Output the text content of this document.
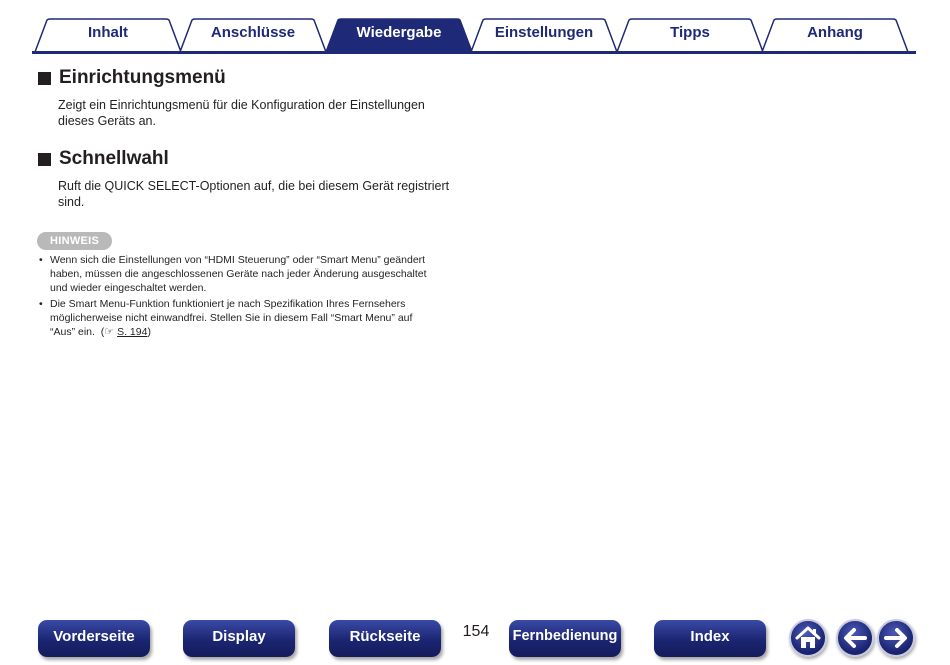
Inhalt	Anschlüsse	Wiedergabe	Einstellungen	Tipps	Anhang
Einrichtungsmenü
Zeigt ein Einrichtungsmenü für die Konfiguration der Einstellungen
dieses Geräts an.
Schnellwahl
Ruft die QUICK SELECT-Optionen auf, die bei diesem Gerät registriert
sind.
HINWEIS
• Wenn sich die Einstellungen von “HDMI Steuerung” oder “Smart Menu” geändert
haben, müssen die angeschlossenen Geräte nach jeder Änderung ausgeschaltet
und wieder eingeschaltet werden.
• Die Smart Menu-Funktion funktioniert je nach Spezifikation Ihres Fernsehers
möglicherweise nicht einwandfrei. Stellen Sie in diesem Fall “Smart Menu” auf
“Aus” ein. (☞ S. 194)
Vorderseite	Display	Rückseite	154	Fernbedienung	Index
